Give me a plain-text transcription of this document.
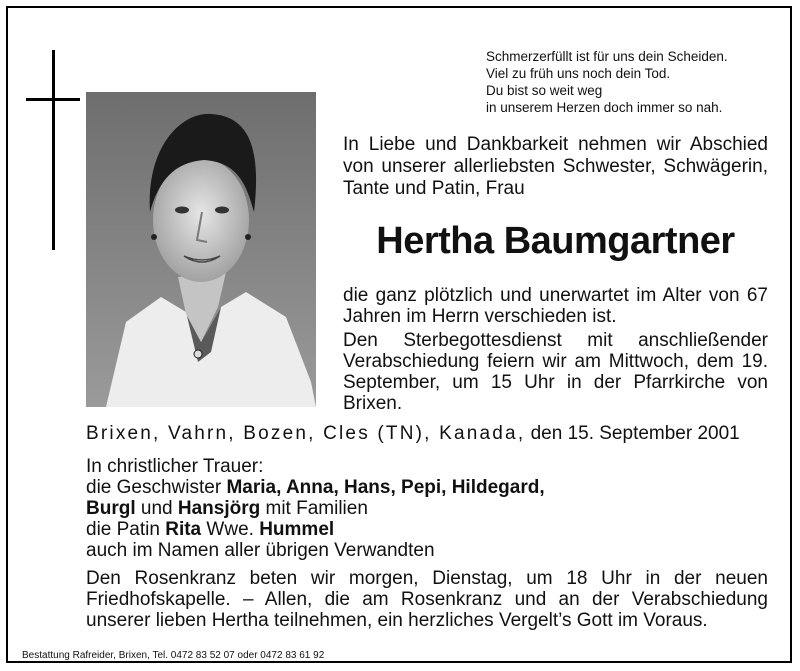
Schmerzerfüllt ist für uns dein Scheiden.
Viel zu früh uns noch dein Tod.
Du bist so weit weg
in unserem Herzen doch immer so nah.
In Liebe und Dankbarkeit nehmen wir Abschied von unserer allerliebsten Schwester, Schwägerin, Tante und Patin, Frau
Hertha Baumgartner
die ganz plötzlich und unerwartet im Alter von 67 Jahren im Herrn verschieden ist.
Den Sterbegottesdienst mit anschließender Verabschiedung feiern wir am Mittwoch, dem 19. September, um 15 Uhr in der Pfarrkirche von Brixen.
Brixen, Vahrn, Bozen, Cles (TN), Kanada, den 15. September 2001
In christlicher Trauer:
die Geschwister Maria, Anna, Hans, Pepi, Hildegard,
Burgl und Hansjörg mit Familien
die Patin Rita Wwe. Hummel
auch im Namen aller übrigen Verwandten
Den Rosenkranz beten wir morgen, Dienstag, um 18 Uhr in der neuen Friedhofskapelle. – Allen, die am Rosenkranz und an der Verabschiedung unserer lieben Hertha teilnehmen, ein herzliches Vergelt’s Gott im Voraus.
Bestattung Rafreider, Brixen, Tel. 0472 83 52 07 oder 0472 83 61 92
